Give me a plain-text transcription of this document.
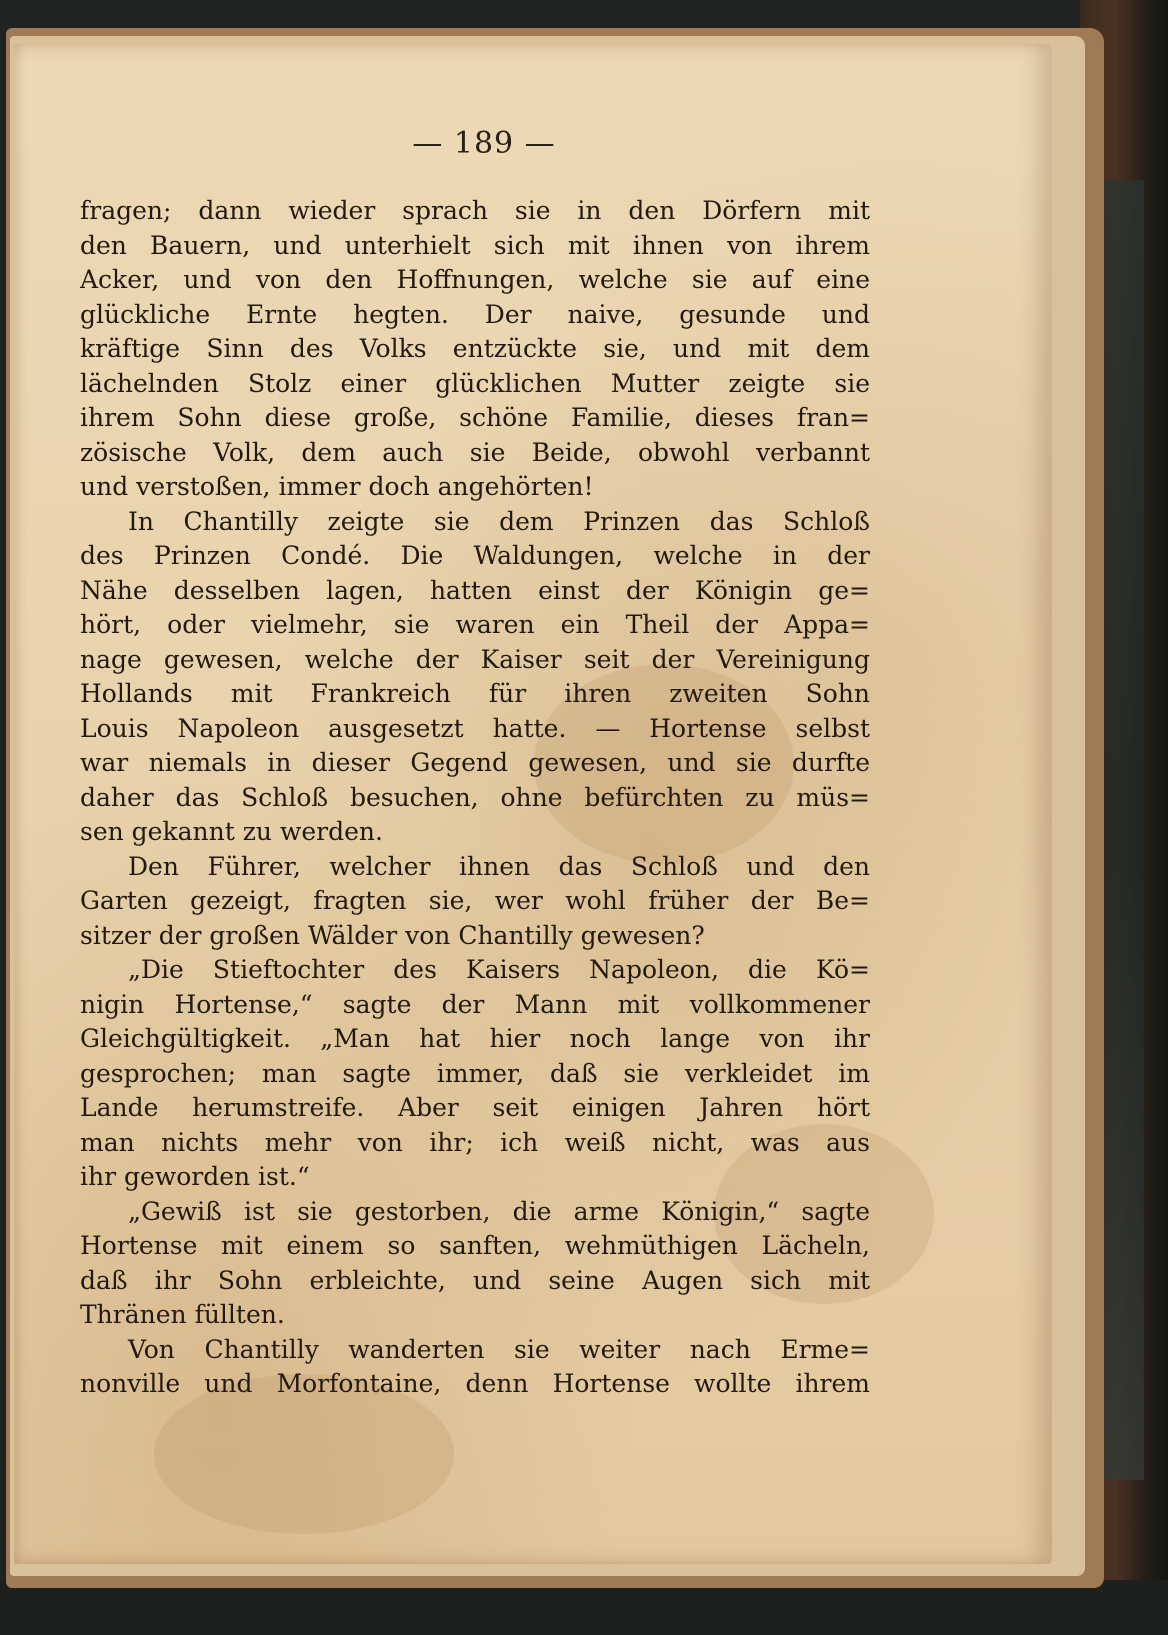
— 189 —
fragen; dann wieder sprach sie in den Dörfern mit
den Bauern, und unterhielt sich mit ihnen von ihrem
Acker, und von den Hoffnungen, welche sie auf eine
glückliche Ernte hegten. Der naive, gesunde und
kräftige Sinn des Volks entzückte sie, und mit dem
lächelnden Stolz einer glücklichen Mutter zeigte sie
ihrem Sohn diese große, schöne Familie, dieses fran=
zösische Volk, dem auch sie Beide, obwohl verbannt
und verstoßen, immer doch angehörten!
In Chantilly zeigte sie dem Prinzen das Schloß
des Prinzen Condé. Die Waldungen, welche in der
Nähe desselben lagen, hatten einst der Königin ge=
hört, oder vielmehr, sie waren ein Theil der Appa=
nage gewesen, welche der Kaiser seit der Vereinigung
Hollands mit Frankreich für ihren zweiten Sohn
Louis Napoleon ausgesetzt hatte. — Hortense selbst
war niemals in dieser Gegend gewesen, und sie durfte
daher das Schloß besuchen, ohne befürchten zu müs=
sen gekannt zu werden.
Den Führer, welcher ihnen das Schloß und den
Garten gezeigt, fragten sie, wer wohl früher der Be=
sitzer der großen Wälder von Chantilly gewesen?
„Die Stieftochter des Kaisers Napoleon, die Kö=
nigin Hortense,“ sagte der Mann mit vollkommener
Gleichgültigkeit. „Man hat hier noch lange von ihr
gesprochen; man sagte immer, daß sie verkleidet im
Lande herumstreife. Aber seit einigen Jahren hört
man nichts mehr von ihr; ich weiß nicht, was aus
ihr geworden ist.“
„Gewiß ist sie gestorben, die arme Königin,“ sagte
Hortense mit einem so sanften, wehmüthigen Lächeln,
daß ihr Sohn erbleichte, und seine Augen sich mit
Thränen füllten.
Von Chantilly wanderten sie weiter nach Erme=
nonville und Morfontaine, denn Hortense wollte ihrem
